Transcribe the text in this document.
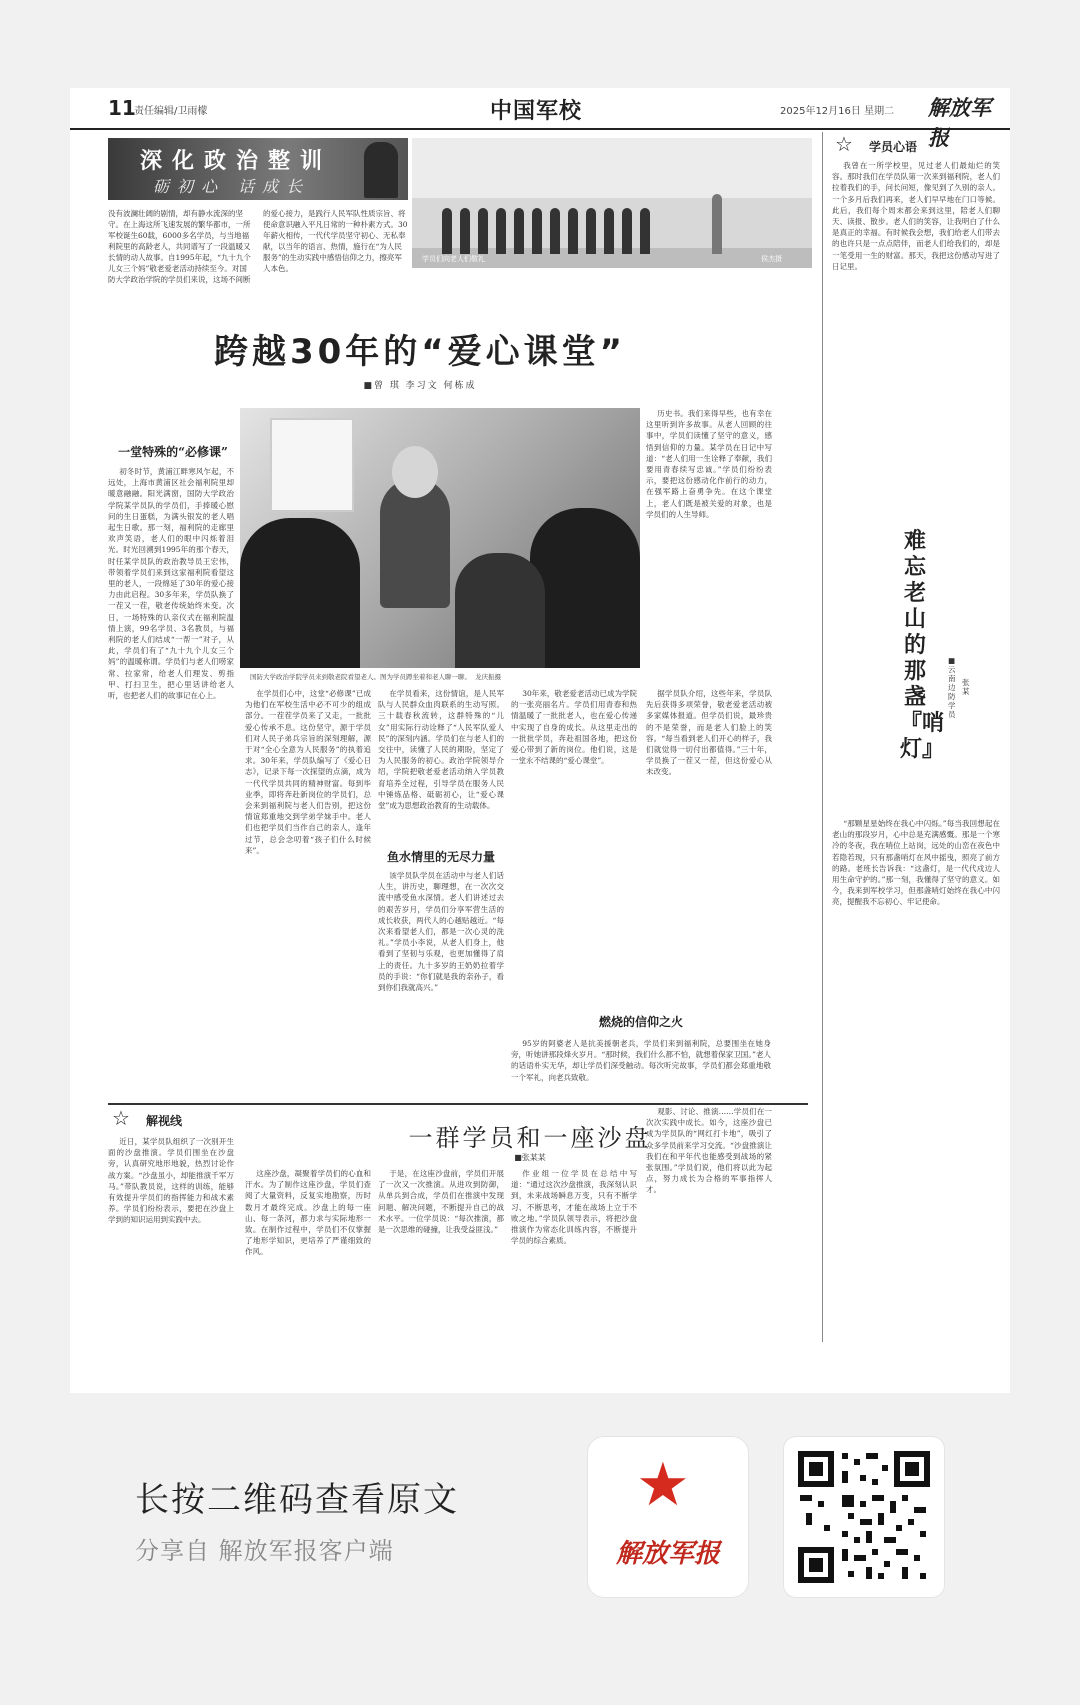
11
责任编辑/卫雨檬	中国军校	2025年12月16日 星期二 解放军报
深化政治整训
砺初心 话成长
没有波澜壮阔的剧情，却有静水流深的坚守。在上海这所飞速发展的繁华都市，一所军校诞生60载，6000多名学员，与当地福利院里的高龄老人，共同谱写了一段温暖又长情的动人故事。自1995年起，“九十九个儿女三个妈”敬老爱老活动持续至今。对国防大学政治学院的学员们来说，这场不间断的爱心接力，是践行人民军队性质宗旨、将使命意识融入平凡日常的一种朴素方式。30年薪火相传，一代代学员坚守初心、无私奉献，以当年的语言、热情，施行在“为人民服务”的生动实践中感悟信仰之力，擦亮军人本色。
学员们向老人们敬礼	侯杰摄
跨越30年的“爱心课堂”
■曾 琪 李习文 何栋成
国防大学政治学院学员来到敬老院看望老人。图为学员蹲坐着和老人聊一聊。 龙庆振摄
一堂特殊的“必修课”
初冬时节，黄浦江畔寒风乍起，不远处，上海市黄浦区社会福利院里却暖意融融。阳光满窗，国防大学政治学院某学员队的学员们，手捧暖心慰问的生日蛋糕，为满头银发的老人唱起生日歌。那一刻，福利院的走廊里欢声笑语，老人们的眼中闪烁着泪光。时光回溯到1995年的那个春天，时任某学员队的政治教导员王宏伟，带领着学员们来到这家福利院看望这里的老人，一段绵延了30年的爱心接力由此启程。30多年来，学员队换了一茬又一茬，敬老传统始终未变。次日，一场特殊的认亲仪式在福利院温情上演，99名学员、3名教员，与福利院的老人们结成“一帮一”对子，从此，学员们有了“九十九个儿女三个妈”的温暖称谓。学员们与老人们唠家常、拉家常，给老人们理发、剪指甲、打扫卫生，把心里话讲给老人听，也把老人们的故事记在心上。	在学员们心中，这堂“必修课”已成为他们在军校生活中必不可少的组成部分。一茬茬学员来了又走，一批批爱心传承不息。这份坚守，源于学员们对人民子弟兵宗旨的深刻理解，源于对“全心全意为人民服务”的执着追求。30年来，学员队编写了《爱心日志》，记录下每一次探望的点滴，成为一代代学员共同的精神财富。每到毕业季，即将奔赴新岗位的学员们，总会来到福利院与老人们告别，把这份情谊郑重地交到学弟学妹手中。老人们也把学员们当作自己的亲人，逢年过节，总会念叨着“孩子们什么时候来”。
在学员看来，这份情谊，是人民军队与人民群众血肉联系的生动写照。三十载春秋流转，这群特殊的“儿女”用实际行动诠释了“人民军队爱人民”的深刻内涵。学员们在与老人们的交往中，读懂了人民的期盼，坚定了为人民服务的初心。政治学院领导介绍，学院把敬老爱老活动纳入学员教育培养全过程，引导学员在服务人民中锤炼品格、砥砺初心，让“爱心课堂”成为思想政治教育的生动载体。
鱼水情里的无尽力量
该学员队学员在活动中与老人们话人生，讲历史，聊理想，在一次次交流中感受鱼水深情。老人们讲述过去的艰苦岁月，学员们分享军营生活的成长收获，两代人的心越贴越近。“每次来看望老人们，都是一次心灵的洗礼。”学员小李说，从老人们身上，他看到了坚韧与乐观，也更加懂得了肩上的责任。九十多岁的王奶奶拉着学员的手说：“你们就是我的亲孙子，看到你们我就高兴。”
30年来，敬老爱老活动已成为学院的一张亮丽名片。学员们用青春和热情温暖了一批批老人，也在爱心传递中实现了自身的成长。从这里走出的一批批学员，奔赴祖国各地，把这份爱心带到了新的岗位。他们说，这是一堂永不结课的“爱心课堂”。
历史书。我们来得早些，也有幸在这里听到许多故事。从老人回顾的往事中，学员们读懂了坚守的意义，感悟到信仰的力量。某学员在日记中写道：“老人们用一生诠释了奉献，我们要用青春续写忠诚。”学员们纷纷表示，要把这份感动化作前行的动力，在强军路上奋勇争先。在这个课堂上，老人们既是被关爱的对象，也是学员们的人生导师。
据学员队介绍，这些年来，学员队先后获得多项荣誉，敬老爱老活动被多家媒体报道。但学员们说，最珍贵的不是荣誉，而是老人们脸上的笑容。“每当看到老人们开心的样子，我们就觉得一切付出都值得。”三十年，学员换了一茬又一茬，但这份爱心从未改变。
燃烧的信仰之火
95岁的阿婆老人是抗美援朝老兵，学员们来到福利院，总要围坐在她身旁，听她讲那段烽火岁月。“那时候，我们什么都不怕，就想着保家卫国。”老人的话语朴实无华，却让学员们深受触动。每次听完故事，学员们都会郑重地敬一个军礼，向老兵致敬。
☆ 学员心语
我曾在一所学校里，见过老人们最灿烂的笑容。那时我们在学员队第一次来到福利院，老人们拉着我们的手，问长问短，像见到了久别的亲人。一个多月后我们再来，老人们早早地在门口等候。此后，我们每个周末都会来到这里，陪老人们聊天、读报、散步。老人们的笑容，让我明白了什么是真正的幸福。有时候我会想，我们给老人们带去的也许只是一点点陪伴，而老人们给我们的，却是一笔受用一生的财富。那天，我把这份感动写进了日记里。
难忘老山的那盏『哨灯』
■云南边防学员
张某
“那颗星星始终在我心中闪烁。”每当我回想起在老山的那段岁月，心中总是充满感慨。那是一个寒冷的冬夜，我在哨位上站岗，远处的山峦在夜色中若隐若现，只有那盏哨灯在风中摇曳，照亮了前方的路。老班长告诉我：“这盏灯，是一代代戍边人用生命守护的。”那一刻，我懂得了坚守的意义。如今，我来到军校学习，但那盏哨灯始终在我心中闪亮，提醒我不忘初心、牢记使命。
☆ 解视线
一群学员和一座沙盘
■张某某
近日，某学员队组织了一次别开生面的沙盘推演。学员们围坐在沙盘旁，认真研究地形地貌，热烈讨论作战方案。“沙盘虽小，却能推演千军万马。”带队教员说，这样的训练，能够有效提升学员们的指挥能力和战术素养。学员们纷纷表示，要把在沙盘上学到的知识运用到实践中去。
这座沙盘，凝聚着学员们的心血和汗水。为了制作这座沙盘，学员们查阅了大量资料，反复实地勘察，历时数月才最终完成。沙盘上的每一座山、每一条河，都力求与实际地形一致。在制作过程中，学员们不仅掌握了地形学知识，更培养了严谨细致的作风。
于是，在这座沙盘前，学员们开展了一次又一次推演。从进攻到防御，从单兵到合成，学员们在推演中发现问题、解决问题，不断提升自己的战术水平。一位学员说：“每次推演，都是一次思维的碰撞，让我受益匪浅。”
作业组一位学员在总结中写道：“通过这次沙盘推演，我深刻认识到，未来战场瞬息万变，只有不断学习、不断思考，才能在战场上立于不败之地。”学员队领导表示，将把沙盘推演作为常态化训练内容，不断提升学员的综合素质。
观影、讨论、推演……学员们在一次次实践中成长。如今，这座沙盘已成为学员队的“网红打卡地”，吸引了众多学员前来学习交流。“沙盘推演让我们在和平年代也能感受到战场的紧张氛围。”学员们说，他们将以此为起点，努力成长为合格的军事指挥人才。
长按二维码查看原文
分享自 解放军报客户端
★
解放军报
